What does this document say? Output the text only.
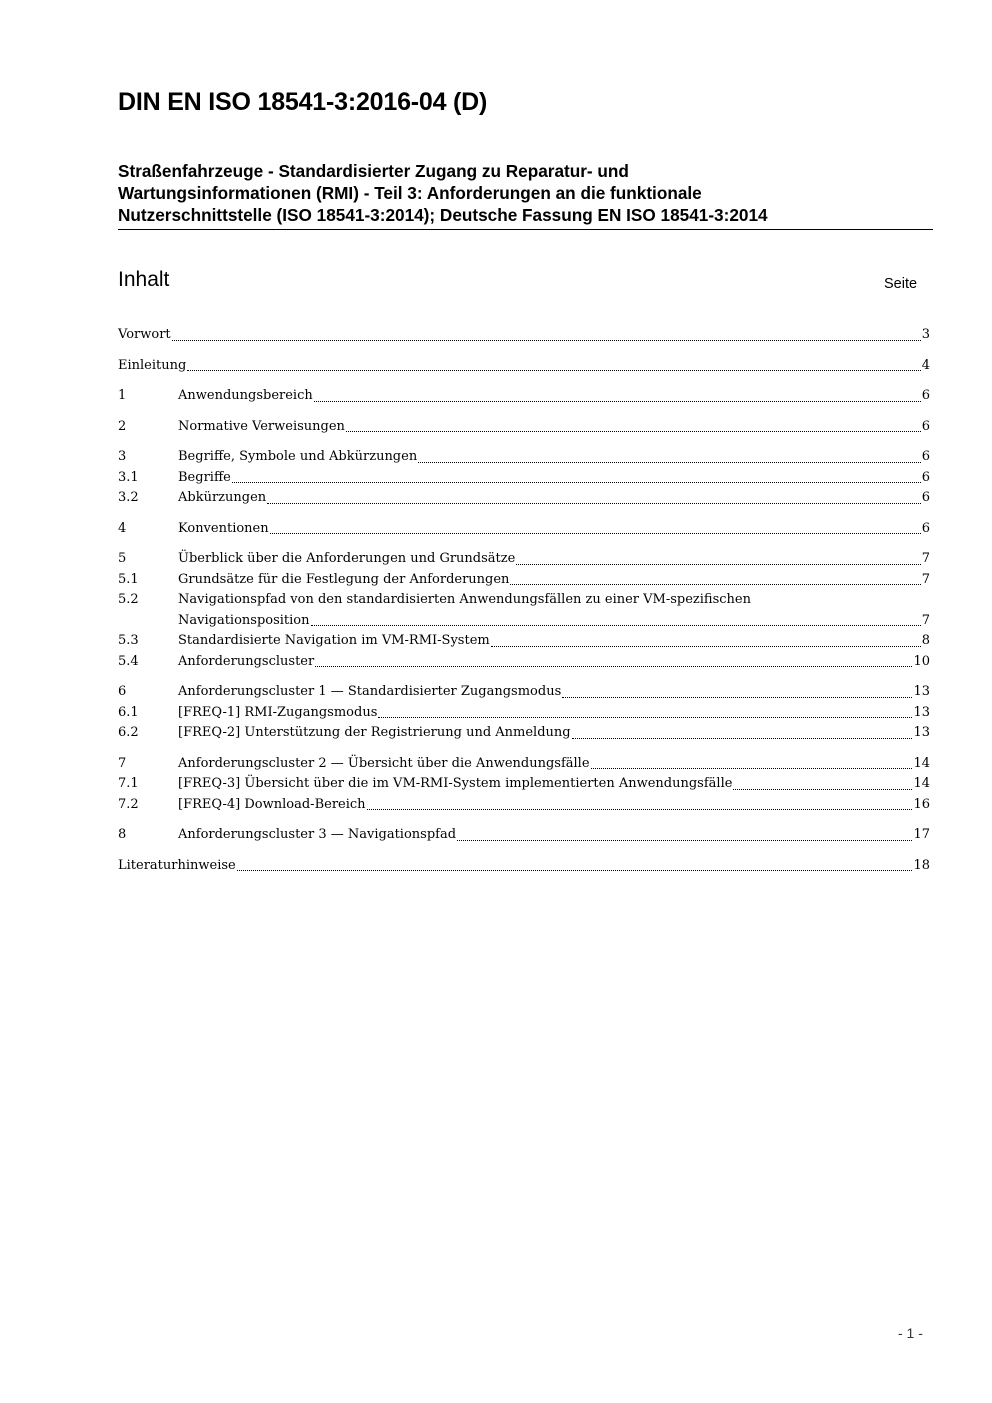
DIN EN ISO 18541-3:2016-04 (D)
Straßenfahrzeuge - Standardisierter Zugang zu Reparatur- und
Wartungsinformationen (RMI) - Teil 3: Anforderungen an die funktionale
Nutzerschnittstelle (ISO 18541-3:2014); Deutsche Fassung EN ISO 18541-3:2014
Inhalt	Seite
Vorwort	3
Einleitung	4
1	Anwendungsbereich	6
2	Normative Verweisungen	6
3	Begriffe, Symbole und Abkürzungen	6
3.1	Begriffe	6
3.2	Abkürzungen	6
4	Konventionen	6
5	Überblick über die Anforderungen und Grundsätze	7
5.1	Grundsätze für die Festlegung der Anforderungen	7
5.2	Navigationspfad von den standardisierten Anwendungsfällen zu einer VM-spezifischen
Navigationsposition	7
5.3	Standardisierte Navigation im VM-RMI-System	8
5.4	Anforderungscluster	10
6	Anforderungscluster 1 — Standardisierter Zugangsmodus	13
6.1	[FREQ-1] RMI-Zugangsmodus	13
6.2	[FREQ-2] Unterstützung der Registrierung und Anmeldung	13
7	Anforderungscluster 2 — Übersicht über die Anwendungsfälle	14
7.1	[FREQ-3] Übersicht über die im VM-RMI-System implementierten Anwendungsfälle	14
7.2	[FREQ-4] Download-Bereich	16
8	Anforderungscluster 3 — Navigationspfad	17
Literaturhinweise	18
- 1 -
